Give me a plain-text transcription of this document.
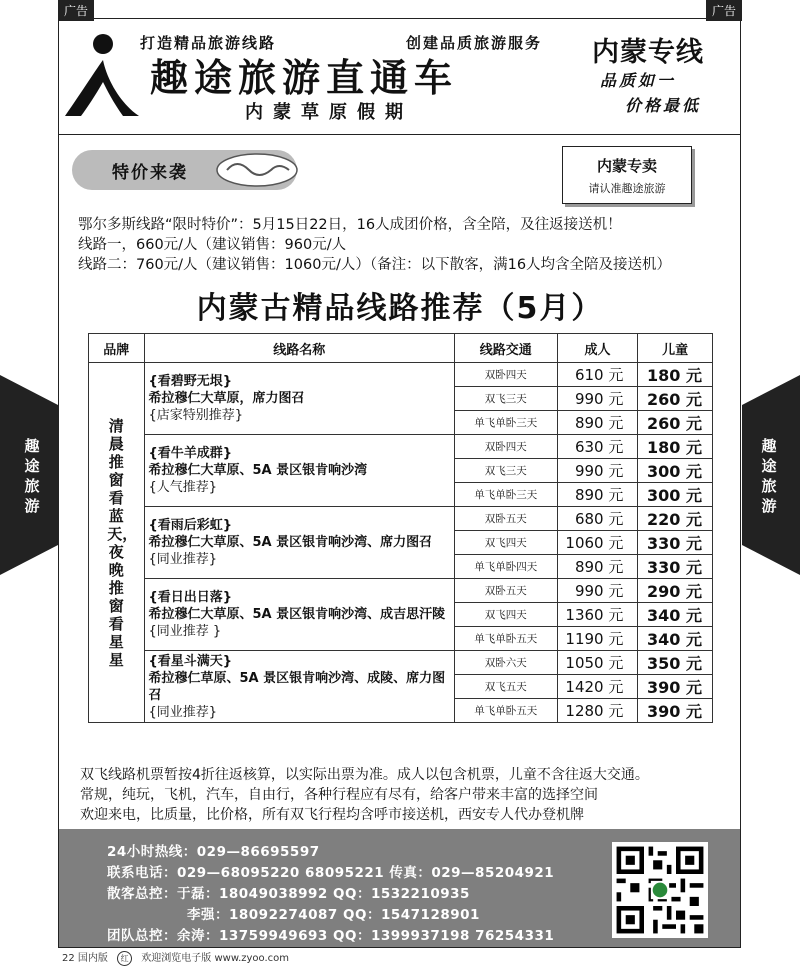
广告	广告
趣途旅游
趣途旅游
打造精品旅游线路	创建品质旅游服务
趣途旅游直通车
内蒙草原假期
内蒙专线
品质如一
价格最低
特价来袭	内蒙专卖
请认准趣途旅游
鄂尔多斯线路“限时特价”：5月15日22日，16人成团价格，含全陪，及往返接送机！
线路一，660元/人（建议销售：960元/人
线路二：760元/人（建议销售：1060元/人）（备注：以下散客，满16人均含全陪及接送机）
内蒙古精品线路推荐（5月）
品牌	线路名称	线路交通	成人	儿童

清晨推窗看蓝天，夜晚推窗看星星	{看碧野无垠}
希拉穆仁大草原，席力图召
{店家特别推荐}	双卧四天	610 元	180 元
		双飞三天	990 元	260 元
		单飞单卧三天	890 元	260 元

	{看牛羊成群}
希拉穆仁大草原、5A 景区银肯响沙湾
{人气推荐}	双卧四天	630 元	180 元
		双飞三天	990 元	300 元
		单飞单卧三天	890 元	300 元

	{看雨后彩虹}
希拉穆仁大草原、5A 景区银肯响沙湾、席力图召
{同业推荐}	双卧五天	680 元	220 元
		双飞四天	1060 元	330 元
		单飞单卧四天	890 元	330 元

	{看日出日落}
希拉穆仁大草原、5A 景区银肯响沙湾、成吉思汗陵
{同业推荐 }	双卧五天	990 元	290 元
		双飞四天	1360 元	340 元
		单飞单卧五天	1190 元	340 元

	{看星斗满天}
希拉穆仁草原、5A 景区银肯响沙湾、成陵、席力图召
{同业推荐}	双卧六天	1050 元	350 元
		双飞五天	1420 元	390 元
		单飞单卧五天	1280 元	390 元
双飞线路机票暂按4折往返核算，以实际出票为准。成人以包含机票，儿童不含往返大交通。
常规，纯玩，飞机，汽车，自由行，各种行程应有尽有，给客户带来丰富的选择空间
欢迎来电，比质量，比价格，所有双飞行程均含呼市接送机，西安专人代办登机牌
24小时热线：029—86695597
联系电话：029—68095220 68095221 传真：029—85204921
散客总控：于磊：18049038992 QQ：1532210935
李强：18092274087 QQ：1547128901
团队总控：余涛：13759949693 QQ：1399937198 76254331
22 国内版 红 欢迎浏览电子版 www.zyoo.com
